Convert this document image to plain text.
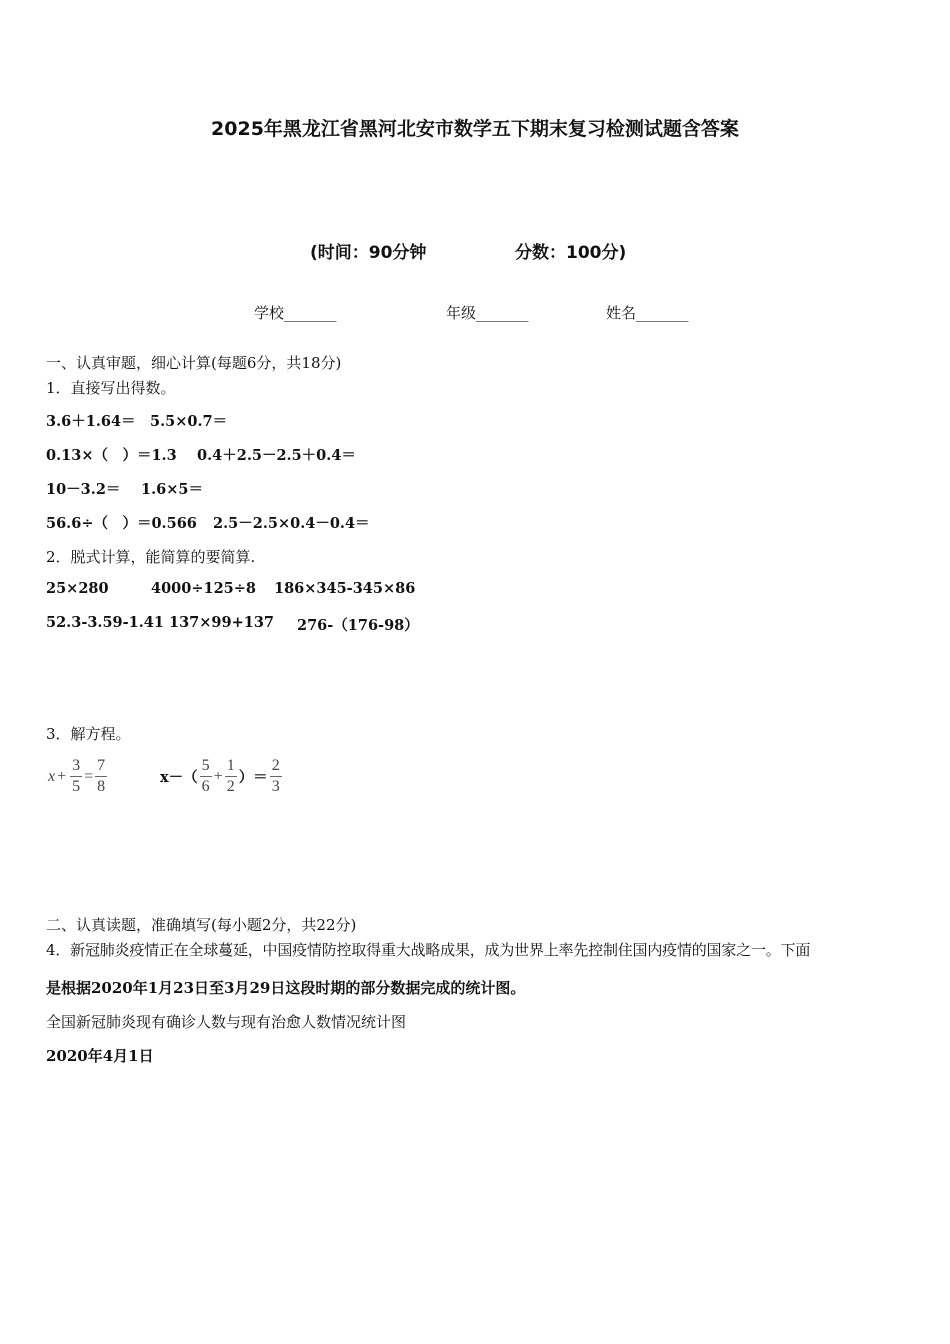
2025年黑龙江省黑河北安市数学五下期末复习检测试题含答案
(时间：90分钟	分数：100分)
学校_______	年级_______	姓名_______
一、认真审题，细心计算(每题6分，共18分)
1．直接写出得数。
3.6＋1.64＝ 5.5×0.7＝
0.13×（　）＝1.3 0.4＋2.5－2.5＋0.4＝
10－3.2＝ 1.6×5＝
56.6÷（　）＝0.566 2.5－2.5×0.4－0.4＝
2．脱式计算，能简算的要简算.
25×280	4000÷125÷8 186×345-345×86
52.3-3.59-1.41 137×99+137 276-（176-98）
3．解方程。
$x + \frac{3}{5} = \frac{7}{8}$	$x-( \frac{5}{6} + \frac{1}{2}$ ）＝ $\frac{2}{3}$
二、认真读题，准确填写(每小题2分，共22分)
4．新冠肺炎疫情正在全球蔓延，中国疫情防控取得重大战略成果，成为世界上率先控制住国内疫情的国家之一。下面
是根据2020年1月23日至3月29日这段时期的部分数据完成的统计图。
全国新冠肺炎现有确诊人数与现有治愈人数情况统计图
2020年4月1日
